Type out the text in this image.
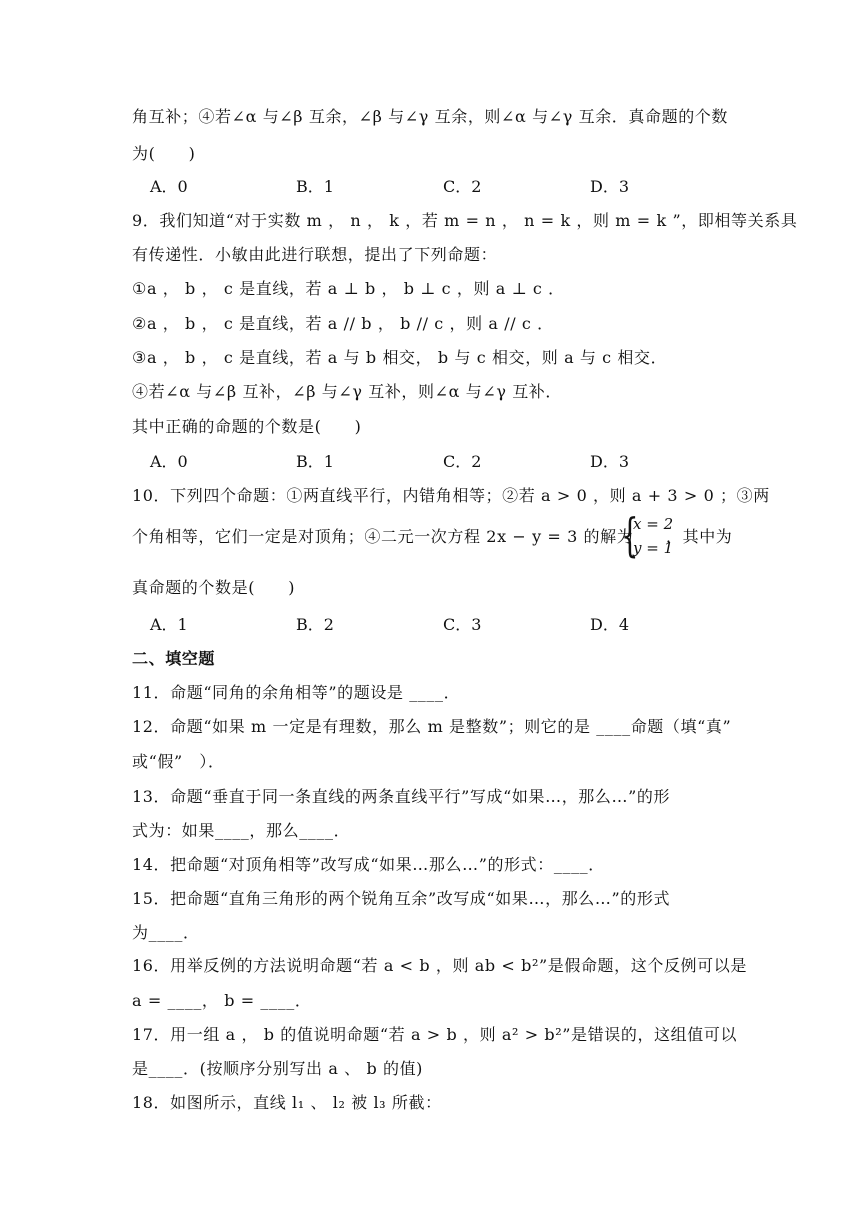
角互补；④若∠α 与∠β 互余，∠β 与∠γ 互余，则∠α 与∠γ 互余．真命题的个数
为(　　)
A．0	B．1	C．2	D．3
9．我们知道“对于实数 m ， n ， k ，若 m = n ， n = k ，则 m = k ”，即相等关系具
有传递性．小敏由此进行联想，提出了下列命题：
①a ， b ， c 是直线，若 a ⊥ b ， b ⊥ c ，则 a ⊥ c ．
②a ， b ， c 是直线，若 a // b ， b // c ，则 a // c ．
③a ， b ， c 是直线，若 a 与 b 相交， b 与 c 相交，则 a 与 c 相交．
④若∠α 与∠β 互补，∠β 与∠γ 互补，则∠α 与∠γ 互补．
其中正确的命题的个数是(　　)
A．0	B．1	C．2	D．3
10．下列四个命题：①两直线平行，内错角相等；②若 a > 0 ，则 a + 3 > 0 ；③两
个角相等，它们一定是对顶角；④二元一次方程 2x − y = 3 的解为
{
x = 2
y = 1
．其中为
真命题的个数是(　　)
A．1	B．2	C．3	D．4
二、填空题
11．命题“同角的余角相等”的题设是 ____．
12．命题“如果 m 一定是有理数，那么 m 是整数”；则它的是 ____命题（填“真”
或“假”　）．
13．命题“垂直于同一条直线的两条直线平行”写成“如果…，那么…”的形
式为：如果____，那么____．
14．把命题“对顶角相等”改写成“如果…那么…”的形式：____．
15．把命题“直角三角形的两个锐角互余”改写成“如果…，那么…”的形式
为____．
16．用举反例的方法说明命题“若 a < b ，则 ab < b²”是假命题，这个反例可以是
a = ____， b = ____．
17．用一组 a ， b 的值说明命题“若 a > b ，则 a² > b²”是错误的，这组值可以
是____．(按顺序分别写出 a 、 b 的值)
18．如图所示，直线 l₁ 、 l₂ 被 l₃ 所截：
